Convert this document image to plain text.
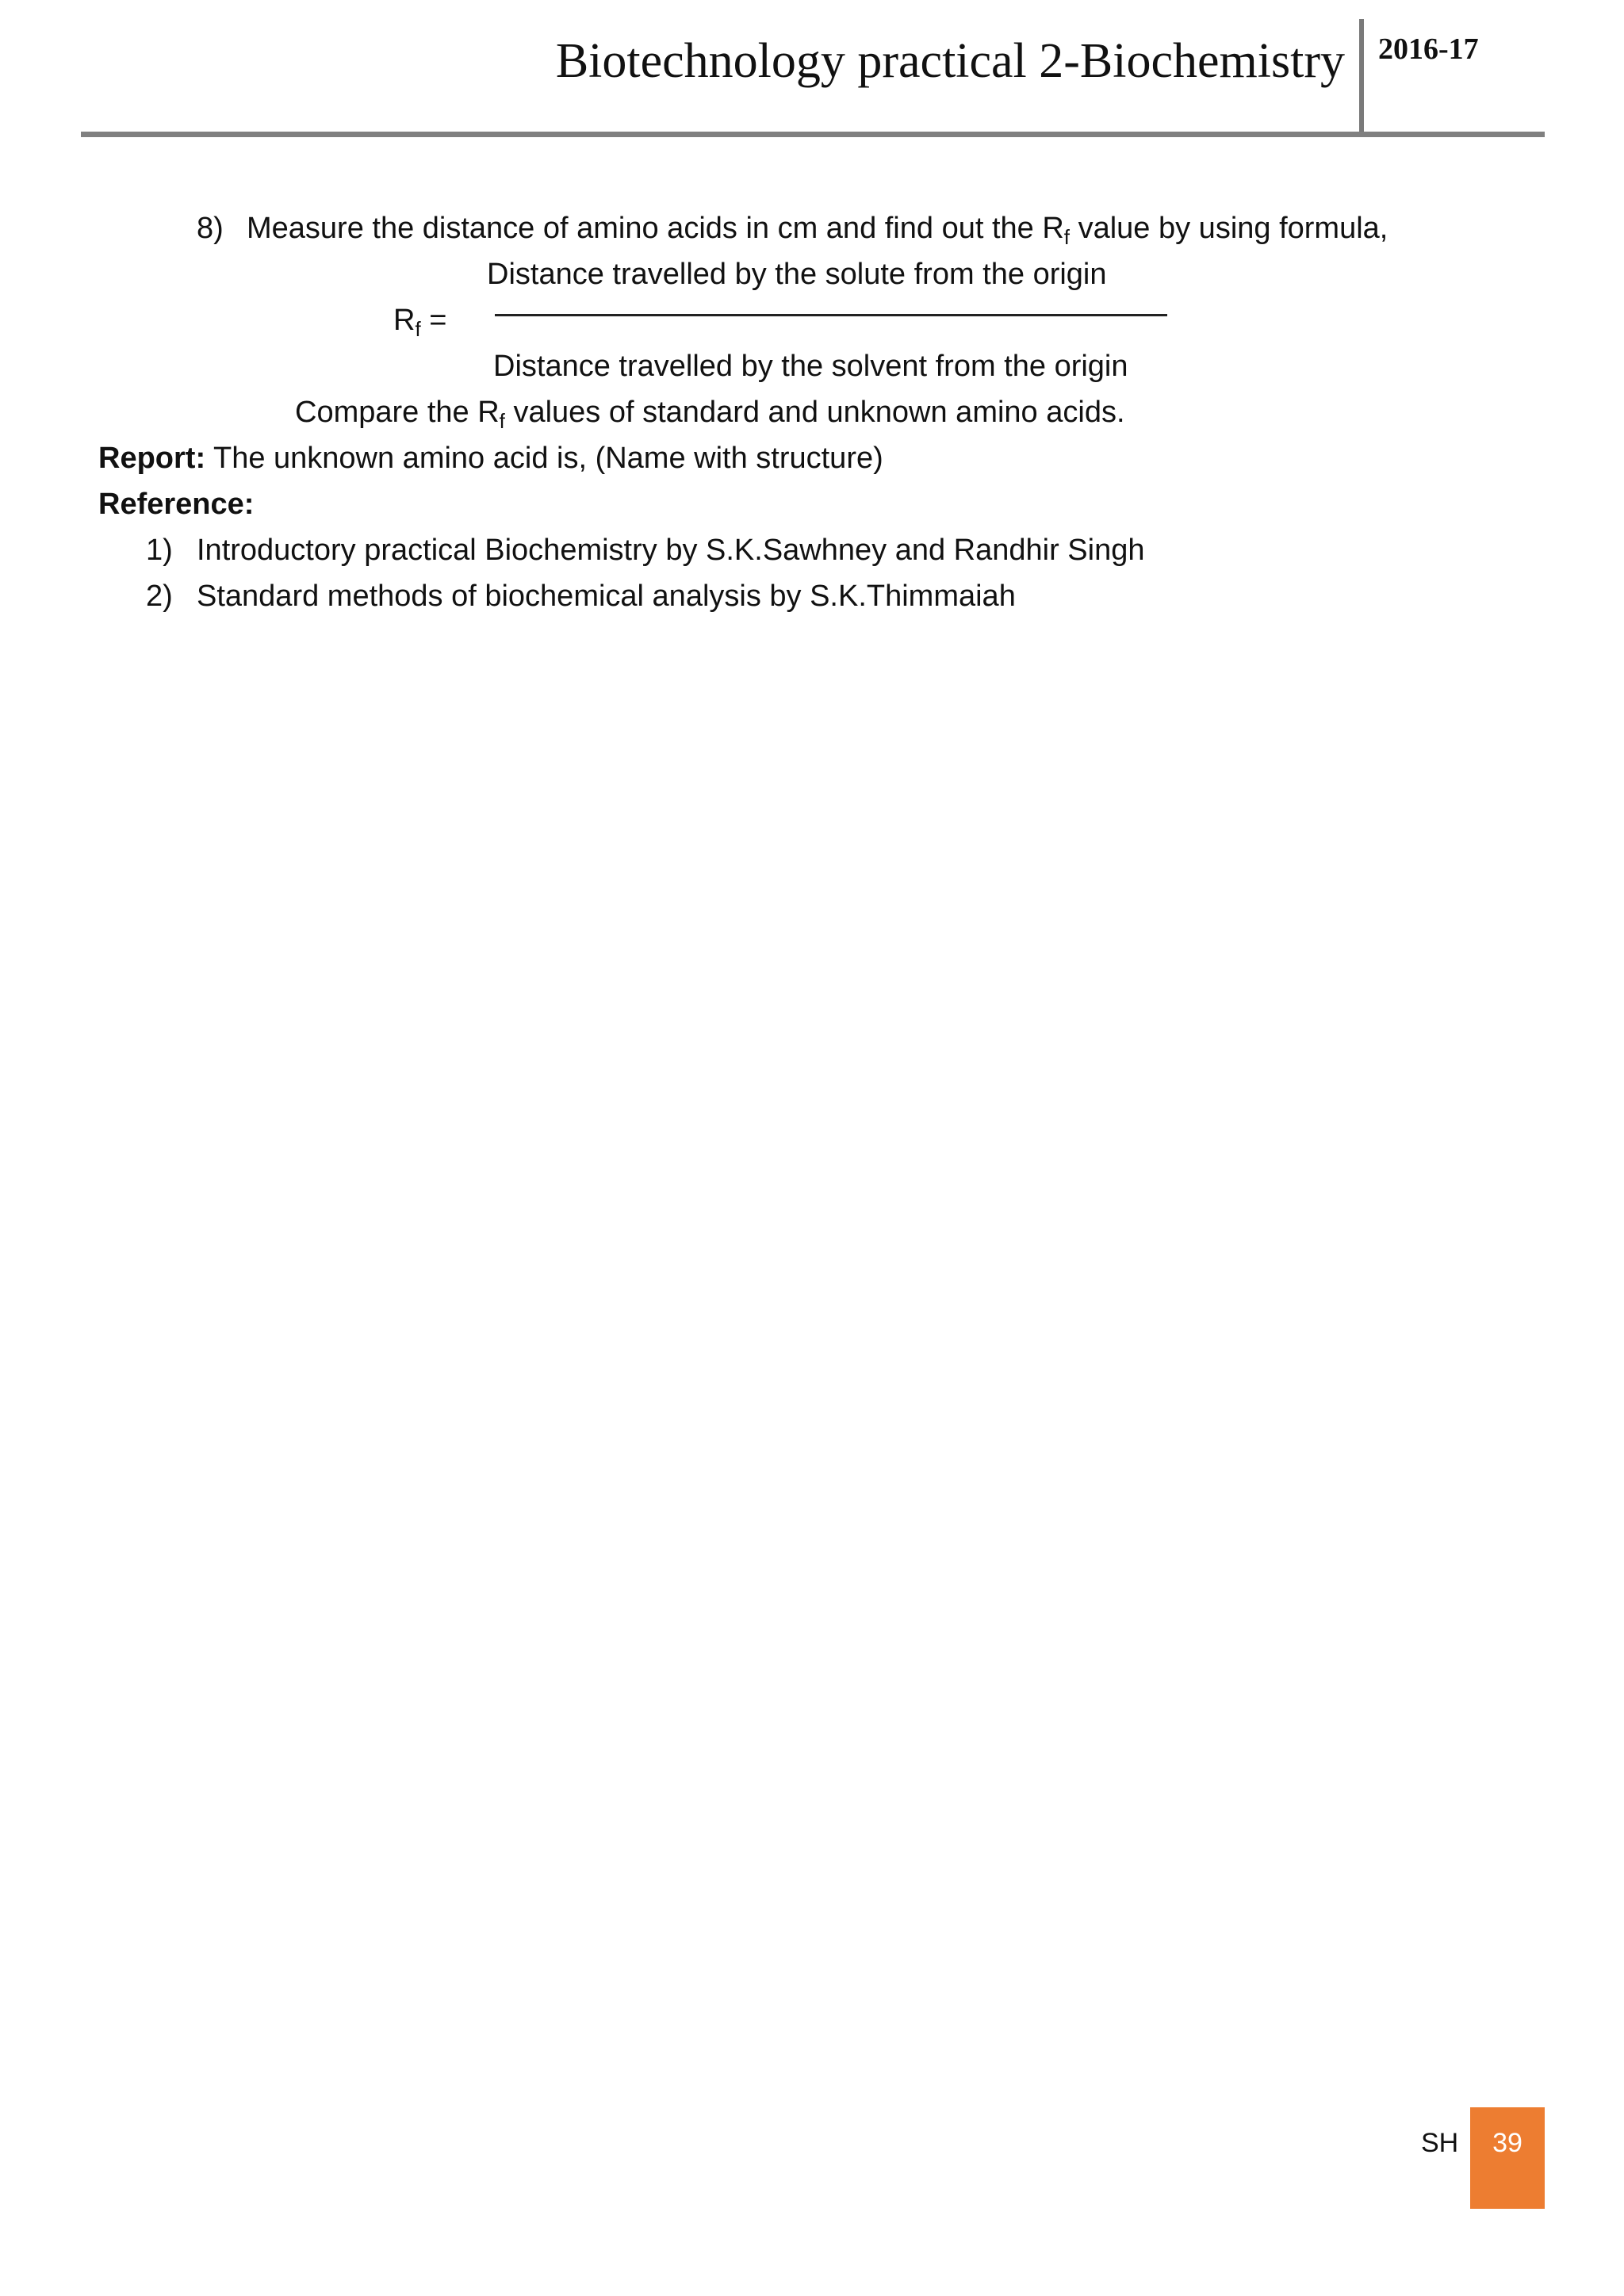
Biotechnology practical 2-Biochemistry 2016-17
8) Measure the distance of amino acids in cm and find out the $R_f$ value by using formula,
Distance travelled by the solute from the origin
$R_f$ =
Distance travelled by the solvent from the origin
Compare the $R_f$ values of standard and unknown amino acids.
Report: The unknown amino acid is, (Name with structure)
Reference:
1) Introductory practical Biochemistry by S.K.Sawhney and Randhir Singh
2) Standard methods of biochemical analysis by S.K.Thimmaiah
SH	39
